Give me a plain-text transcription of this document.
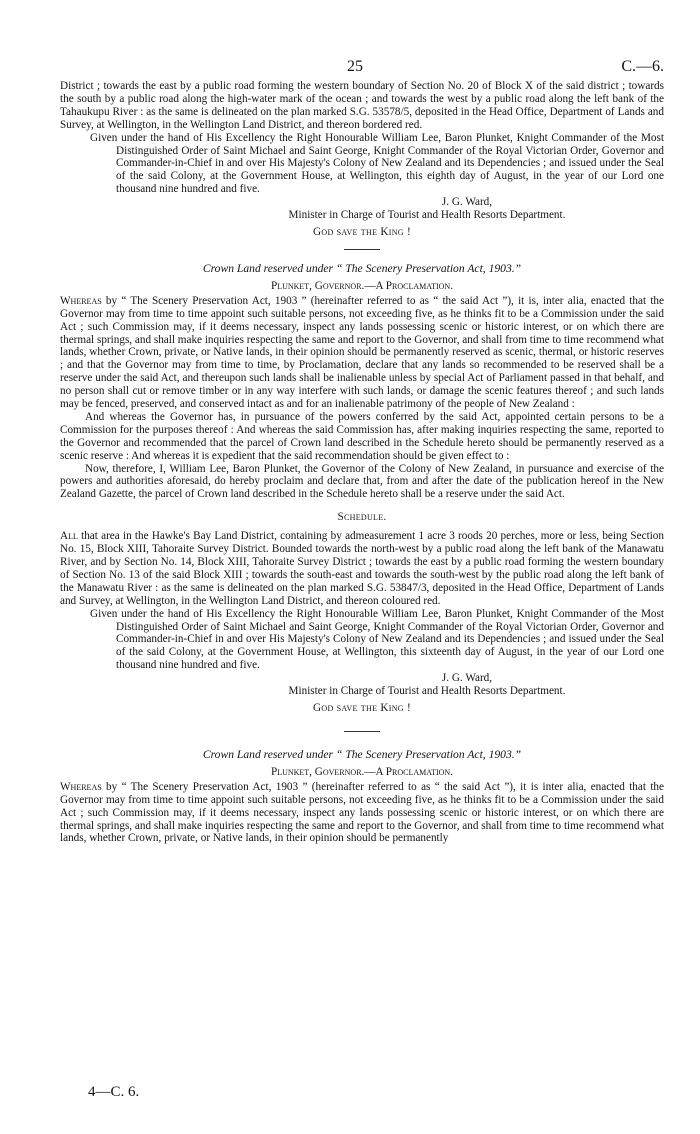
25	C.—6.

District ; towards the east by a public road forming the western boundary of Section No. 20 of Block X of the said district ; towards the south by a public road along the high-water mark of the ocean ; and towards the west by a public road along the left bank of the Tahaukupu River : as the same is delineated on the plan marked S.G. 53578/5, deposited in the Head Office, Department of Lands and Survey, at Wellington, in the Wellington Land District, and thereon bordered red.

Given under the hand of His Excellency the Right Honourable William Lee, Baron Plunket, Knight Commander of the Most Distinguished Order of Saint Michael and Saint George, Knight Commander of the Royal Victorian Order, Governor and Commander-in-Chief in and over His Majesty's Colony of New Zealand and its Dependencies ; and issued under the Seal of the said Colony, at the Government House, at Wellington, this eighth day of August, in the year of our Lord one thousand nine hundred and five.

J. G. Ward,
Minister in Charge of Tourist and Health Resorts Department.
God save the King !
Crown Land reserved under “ The Scenery Preservation Act, 1903.”
Plunket, Governor.—A Proclamation.

Whereas by “ The Scenery Preservation Act, 1903 ” (hereinafter referred to as “ the said Act ”), it is, inter alia, enacted that the Governor may from time to time appoint such suitable persons, not exceeding five, as he thinks fit to be a Commission under the said Act ; such Commission may, if it deems necessary, inspect any lands possessing scenic or historic interest, or on which there are thermal springs, and shall make inquiries respecting the same and report to the Governor, and shall from time to time recommend what lands, whether Crown, private, or Native lands, in their opinion should be permanently reserved as scenic, thermal, or historic reserves ; and that the Governor may from time to time, by Proclamation, declare that any lands so recommended to be reserved shall be a reserve under the said Act, and thereupon such lands shall be inalienable unless by special Act of Parliament passed in that behalf, and no person shall cut or remove timber or in any way interfere with such lands, or damage the scenic features thereof ; and such lands may be fenced, preserved, and conserved intact as and for an inalienable patrimony of the people of New Zealand :

And whereas the Governor has, in pursuance of the powers conferred by the said Act, appointed certain persons to be a Commission for the purposes thereof : And whereas the said Commission has, after making inquiries respecting the same, reported to the Governor and recommended that the parcel of Crown land described in the Schedule hereto should be permanently reserved as a scenic reserve : And whereas it is expedient that the said recommendation should be given effect to :

Now, therefore, I, William Lee, Baron Plunket, the Governor of the Colony of New Zealand, in pursuance and exercise of the powers and authorities aforesaid, do hereby proclaim and declare that, from and after the date of the publication hereof in the New Zealand Gazette, the parcel of Crown land described in the Schedule hereto shall be a reserve under the said Act.

Schedule.

All that area in the Hawke's Bay Land District, containing by admeasurement 1 acre 3 roods 20 perches, more or less, being Section No. 15, Block XIII, Tahoraite Survey District. Bounded towards the north-west by a public road along the left bank of the Manawatu River, and by Section No. 14, Block XIII, Tahoraite Survey District ; towards the east by a public road forming the western boundary of Section No. 13 of the said Block XIII ; towards the south-east and towards the south-west by the public road along the left bank of the Manawatu River : as the same is delineated on the plan marked S.G. 53847/3, deposited in the Head Office, Department of Lands and Survey, at Wellington, in the Wellington Land District, and thereon coloured red.

Given under the hand of His Excellency the Right Honourable William Lee, Baron Plunket, Knight Commander of the Most Distinguished Order of Saint Michael and Saint George, Knight Commander of the Royal Victorian Order, Governor and Commander-in-Chief in and over His Majesty's Colony of New Zealand and its Dependencies ; and issued under the Seal of the said Colony, at the Government House, at Wellington, this sixteenth day of August, in the year of our Lord one thousand nine hundred and five.

J. G. Ward,
Minister in Charge of Tourist and Health Resorts Department.
God save the King !
Crown Land reserved under “ The Scenery Preservation Act, 1903.”
Plunket, Governor.—A Proclamation.

Whereas by “ The Scenery Preservation Act, 1903 ” (hereinafter referred to as “ the said Act ”), it is inter alia, enacted that the Governor may from time to time appoint such suitable persons, not exceeding five, as he thinks fit to be a Commission under the said Act ; such Commission may, if it deems necessary, inspect any lands possessing scenic or historic interest, or on which there are thermal springs, and shall make inquiries respecting the same and report to the Governor, and shall from time to time recommend what lands, whether Crown, private, or Native lands, in their opinion should be permanently

4—C. 6.
